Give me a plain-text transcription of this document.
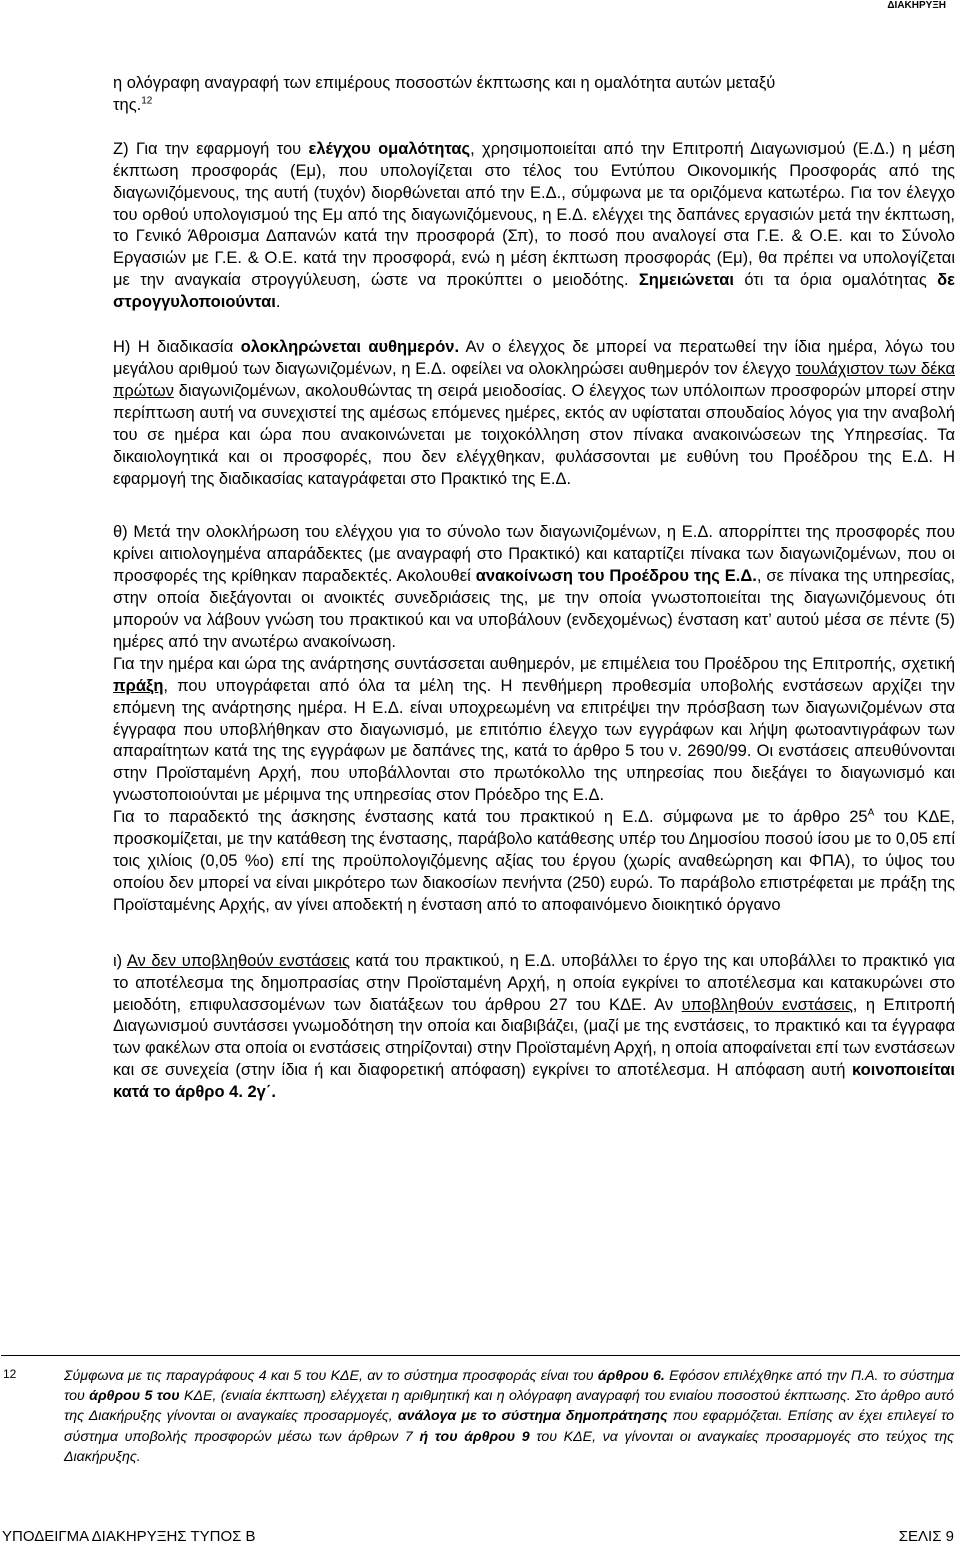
ΔΙΑΚΗΡΥΞΗ

η ολόγραφη αναγραφή των επιμέρους ποσοστών έκπτωσης και η ομαλότητα αυτών μεταξύ
της.$^{12}$

Ζ) Για την εφαρμογή του ελέγχου ομαλότητας, χρησιμοποιείται από την Επιτροπή Διαγωνισμού (Ε.Δ.) η μέση έκπτωση προσφοράς (Εμ), που υπολογίζεται στο τέλος του Εντύπου Οικονομικής Προσφοράς από της διαγωνιζόμενους, της αυτή (τυχόν) διορθώνεται από την Ε.Δ., σύμφωνα με τα οριζόμενα κατωτέρω. Για τον έλεγχο του ορθού υπολογισμού της Εμ από της διαγωνιζόμενους, η Ε.Δ. ελέγχει της δαπάνες εργασιών μετά την έκπτωση, το Γενικό Άθροισμα Δαπανών κατά την προσφορά (Σπ), το ποσό που αναλογεί στα Γ.Ε. & Ο.Ε. και το Σύνολο Εργασιών με Γ.Ε. & Ο.Ε. κατά την προσφορά, ενώ η μέση έκπτωση προσφοράς (Εμ), θα πρέπει να υπολογίζεται με την αναγκαία στρογγύλευση, ώστε να προκύπτει ο μειοδότης. Σημειώνεται ότι τα όρια ομαλότητας δε στρογγυλοποιούνται.

Η) Η διαδικασία ολοκληρώνεται αυθημερόν. Αν ο έλεγχος δε μπορεί να περατωθεί την ίδια ημέρα, λόγω του μεγάλου αριθμού των διαγωνιζομένων, η Ε.Δ. οφείλει να ολοκληρώσει αυθημερόν τον έλεγχο τουλάχιστον των δέκα πρώτων διαγωνιζομένων, ακολουθώντας τη σειρά μειοδοσίας. Ο έλεγχος των υπόλοιπων προσφορών μπορεί στην περίπτωση αυτή να συνεχιστεί της αμέσως επόμενες ημέρες, εκτός αν υφίσταται σπουδαίος λόγος για την αναβολή του σε ημέρα και ώρα που ανακοινώνεται με τοιχοκόλληση στον πίνακα ανακοινώσεων της Υπηρεσίας. Τα δικαιολογητικά και οι προσφορές, που δεν ελέγχθηκαν, φυλάσσονται με ευθύνη του Προέδρου της Ε.Δ. Η εφαρμογή της διαδικασίας καταγράφεται στο Πρακτικό της Ε.Δ.

θ) Μετά την ολοκλήρωση του ελέγχου για το σύνολο των διαγωνιζομένων, η Ε.Δ. απορρίπτει της προσφορές που κρίνει αιτιολογημένα απαράδεκτες (με αναγραφή στο Πρακτικό) και καταρτίζει πίνακα των διαγωνιζομένων, που οι προσφορές της κρίθηκαν παραδεκτές. Ακολουθεί ανακοίνωση του Προέδρου της Ε.Δ., σε πίνακα της υπηρεσίας, στην οποία διεξάγονται οι ανοικτές συνεδριάσεις της, με την οποία γνωστοποιείται της διαγωνιζόμενους ότι μπορούν να λάβουν γνώση του πρακτικού και να υποβάλουν (ενδεχομένως) ένσταση κατ’ αυτού μέσα σε πέντε (5) ημέρες από την ανωτέρω ανακοίνωση.

Για την ημέρα και ώρα της ανάρτησης συντάσσεται αυθημερόν, με επιμέλεια του Προέδρου της Επιτροπής, σχετική πράξη, που υπογράφεται από όλα τα μέλη της. Η πενθήμερη προθεσμία υποβολής ενστάσεων αρχίζει την επόμενη της ανάρτησης ημέρα. Η Ε.Δ. είναι υποχρεωμένη να επιτρέψει την πρόσβαση των διαγωνιζομένων στα έγγραφα που υποβλήθηκαν στο διαγωνισμό, με επιτόπιο έλεγχο των εγγράφων και λήψη φωτοαντιγράφων των απαραίτητων κατά της της εγγράφων με δαπάνες της, κατά το άρθρο 5 του ν. 2690/99. Οι ενστάσεις απευθύνονται στην Προϊσταμένη Αρχή, που υποβάλλονται στο πρωτόκολλο της υπηρεσίας που διεξάγει το διαγωνισμό και γνωστοποιούνται με μέριμνα της υπηρεσίας στον Πρόεδρο της Ε.Δ.

Για το παραδεκτό της άσκησης ένστασης κατά του πρακτικού η Ε.Δ. σύμφωνα με το άρθρο $25^A$ του ΚΔΕ, προσκομίζεται, με την κατάθεση της ένστασης, παράβολο κατάθεσης υπέρ του Δημοσίου ποσού ίσου με το 0,05 επί τοις χιλίοις (0,05 %ο) επί της προϋπολογιζόμενης αξίας του έργου (χωρίς αναθεώρηση και ΦΠΑ), το ύψος του οποίου δεν μπορεί να είναι μικρότερο των διακοσίων πενήντα (250) ευρώ. Το παράβολο επιστρέφεται με πράξη της Προϊσταμένης Αρχής, αν γίνει αποδεκτή η ένσταση από το αποφαινόμενο διοικητικό όργανο

ι) Αν δεν υποβληθούν ενστάσεις κατά του πρακτικού, η Ε.Δ. υποβάλλει το έργο της και υποβάλλει το πρακτικό για το αποτέλεσμα της δημοπρασίας στην Προϊσταμένη Αρχή, η οποία εγκρίνει το αποτέλεσμα και κατακυρώνει στο μειοδότη, επιφυλασσομένων των διατάξεων του άρθρου 27 του ΚΔΕ. Αν υποβληθούν ενστάσεις, η Επιτροπή Διαγωνισμού συντάσσει γνωμοδότηση την οποία και διαβιβάζει, (μαζί με της ενστάσεις, το πρακτικό και τα έγγραφα των φακέλων στα οποία οι ενστάσεις στηρίζονται) στην Προϊσταμένη Αρχή, η οποία αποφαίνεται επί των ενστάσεων και σε συνεχεία (στην ίδια ή και διαφορετική απόφαση) εγκρίνει το αποτέλεσμα. Η απόφαση αυτή κοινοποιείται κατά το άρθρο 4. 2γ΄.

12	Σύμφωνα με τις παραγράφους 4 και 5 του ΚΔΕ, αν το σύστημα προσφοράς είναι του άρθρου 6. Εφόσον επιλέχθηκε από την Π.Α. το σύστημα του άρθρου 5 του ΚΔΕ, (ενιαία έκπτωση) ελέγχεται η αριθμητική και η ολόγραφη αναγραφή του ενιαίου ποσοστού έκπτωσης. Στο άρθρο αυτό της Διακήρυξης γίνονται οι αναγκαίες προσαρμογές, ανάλογα με το σύστημα δημοπράτησης που εφαρμόζεται. Επίσης αν έχει επιλεγεί το σύστημα υποβολής προσφορών μέσω των άρθρων 7 ή του άρθρου 9 του ΚΔΕ, να γίνονται οι αναγκαίες προσαρμογές στο τεύχος της Διακήρυξης.

ΥΠΟΔΕΙΓΜΑ ΔΙΑΚΗΡΥΞΗΣ ΤΥΠΟΣ Β	ΣΕΛΙΣ 9
